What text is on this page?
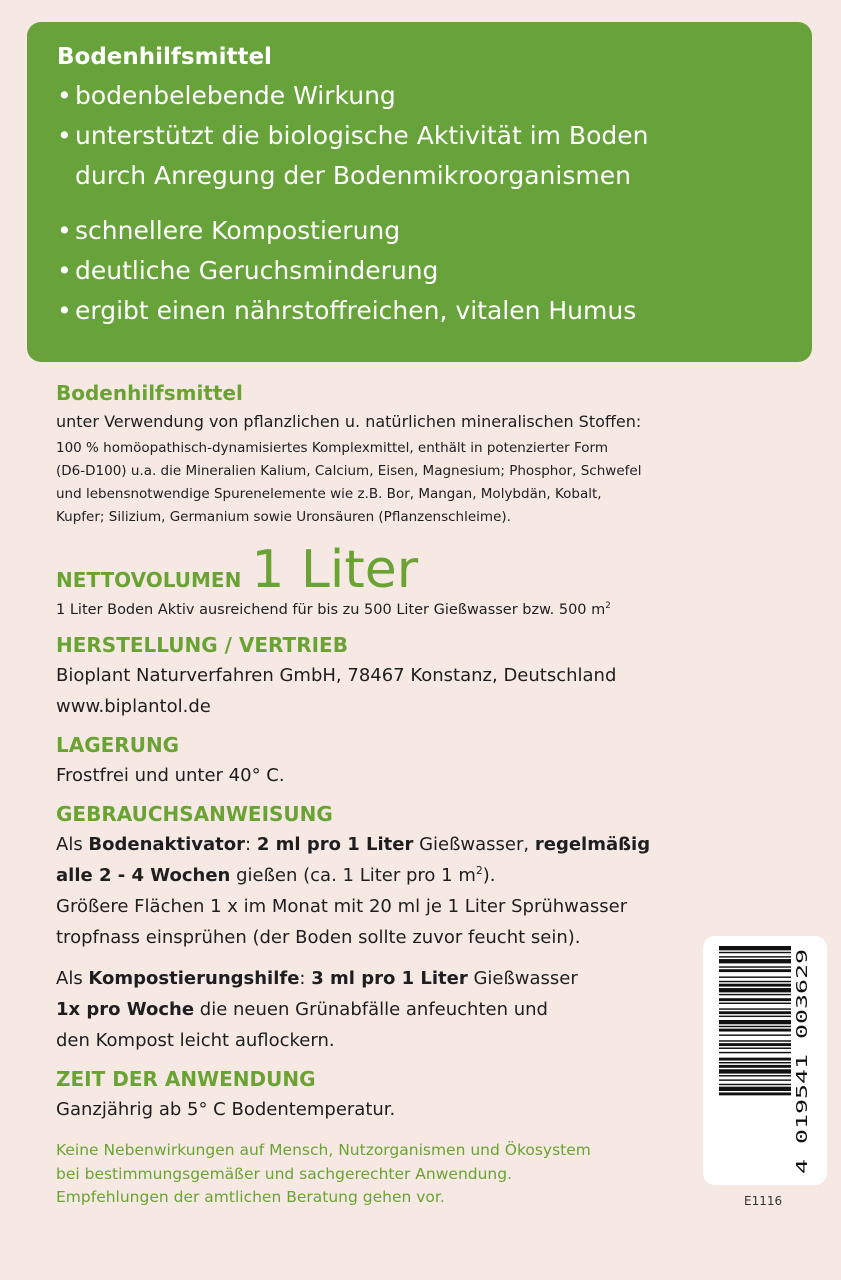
Bodenhilfsmittel
• bodenbelebende Wirkung
• unterstützt die biologische Aktivität im Boden
durch Anregung der Bodenmikroorganismen
• schnellere Kompostierung
• deutliche Geruchsminderung
• ergibt einen nährstoffreichen, vitalen Humus
Bodenhilfsmittel
unter Verwendung von pflanzlichen u. natürlichen mineralischen Stoffen:
100 % homöopathisch-dynamisiertes Komplexmittel, enthält in potenzierter Form
(D6-D100) u.a. die Mineralien Kalium, Calcium, Eisen, Magnesium; Phosphor, Schwefel
und lebensnotwendige Spurenelemente wie z.B. Bor, Mangan, Molybdän, Kobalt,
Kupfer; Silizium, Germanium sowie Uronsäuren (Pflanzenschleime).
NETTOVOLUMEN 1 Liter
1 Liter Boden Aktiv ausreichend für bis zu 500 Liter Gießwasser bzw. 500 $m^2$
HERSTELLUNG / VERTRIEB
Bioplant Naturverfahren GmbH, 78467 Konstanz, Deutschland
www.biplantol.de
LAGERUNG
Frostfrei und unter 40° C.
GEBRAUCHSANWEISUNG
Als Bodenaktivator: 2 ml pro 1 Liter Gießwasser, regelmäßig
alle 2 - 4 Wochen gießen (ca. 1 Liter pro 1 $m^2$).
Größere Flächen 1 x im Monat mit 20 ml je 1 Liter Sprühwasser
tropfnass einsprühen (der Boden sollte zuvor feucht sein).
Als Kompostierungshilfe: 3 ml pro 1 Liter Gießwasser
1x pro Woche die neuen Grünabfälle anfeuchten und
den Kompost leicht auflockern.
ZEIT DER ANWENDUNG
Ganzjährig ab 5° C Bodentemperatur.
Keine Nebenwirkungen auf Mensch, Nutzorganismen und Ökosystem
bei bestimmungsgemäßer und sachgerechter Anwendung.
Empfehlungen der amtlichen Beratung gehen vor.
4 019541 003629
E1116
